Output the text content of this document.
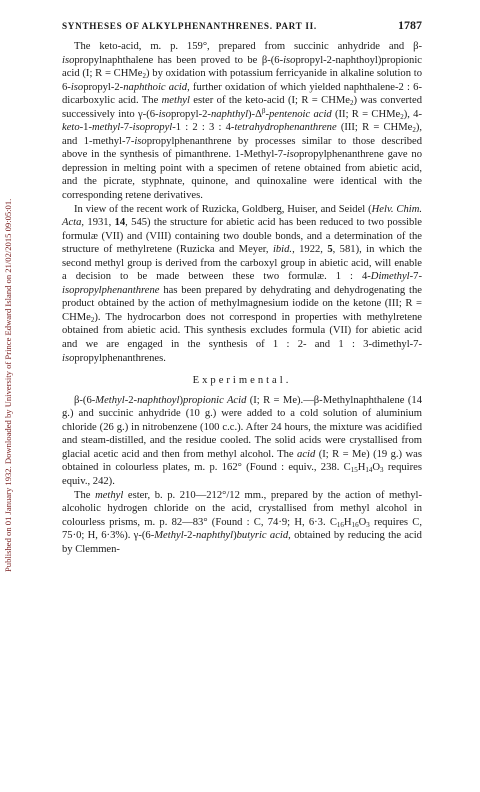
Published on 01 January 1932. Downloaded by University of Prince Edward Island on 21/02/2015 09:05:01.
SYNTHESES OF ALKYLPHENANTHRENES. PART II.	1787

The keto-acid, m. p. 159°, prepared from succinic anhydride and β-isopropylnaphthalene has been proved to be β-(6-isopropyl-2-naphthoyl)propionic acid (I; R = CHMe$_2$) by oxidation with potassium ferricyanide in alkaline solution to 6-isopropyl-2-naphthoic acid, further oxidation of which yielded naphthalene-2 : 6-dicarboxylic acid. The methyl ester of the keto-acid (I; R = CHMe$_2$) was converted successively into $\gamma-(6-isopropyl-2-naphthyl)-\Delta^\beta$-pentenoic acid (II; R = CHMe$_2$), 4-keto-1-methyl-7-isopropyl-1 : 2 : 3 : 4-tetrahydrophenanthrene (III; R = CHMe$_2$), and 1-methyl-7-isopropylphenanthrene by processes similar to those described above in the synthesis of pimanthrene. 1-Methyl-7-isopropylphenanthrene gave no depression in melting point with a specimen of retene obtained from abietic acid, and the picrate, styphnate, quinone, and quinoxaline were identical with the corresponding retene derivatives.

In view of the recent work of Ruzicka, Goldberg, Huiser, and Seidel (Helv. Chim. Acta, 1931, 14, 545) the structure for abietic acid has been reduced to two possible formulæ (VII) and (VIII) containing two double bonds, and a determination of the structure of methylretene (Ruzicka and Meyer, ibid., 1922, 5, 581), in which the second methyl group is derived from the carboxyl group in abietic acid, will enable a decision to be made between these two formulæ. 1 : 4-Dimethyl-7-isopropylphenanthrene has been prepared by dehydrating and dehydrogenating the product obtained by the action of methylmagnesium iodide on the ketone (III; R = CHMe$_2$). The hydrocarbon does not correspond in properties with methylretene obtained from abietic acid. This synthesis excludes formula (VII) for abietic acid and we are engaged in the synthesis of 1 : 2- and 1 : 3-dimethyl-7-isopropylphenanthrenes.

Experimental.

β-(6-Methyl-2-naphthoyl)propionic Acid (I; R = Me).—β-Methylnaphthalene (14 g.) and succinic anhydride (10 g.) were added to a cold solution of aluminium chloride (26 g.) in nitrobenzene (100 c.c.). After 24 hours, the mixture was acidified and steam-distilled, and the residue cooled. The solid acids were crystallised from glacial acetic acid and then from methyl alcohol. The acid (I; R = Me) (19 g.) was obtained in colourless plates, m. p. 162° (Found : equiv., 238. $C_{15}H_{14}O_3$ requires equiv., 242).

The methyl ester, b. p. 210—212°/12 mm., prepared by the action of methyl-alcoholic hydrogen chloride on the acid, crystallised from methyl alcohol in colourless prisms, m. p. 82—83° (Found : C, 74·9; H, 6·3. $C_{16}H_{16}O_3$ requires C, 75·0; H, 6·3%). γ-(6-Methyl-2-naphthyl)butyric acid, obtained by reducing the acid by Clemmen-
